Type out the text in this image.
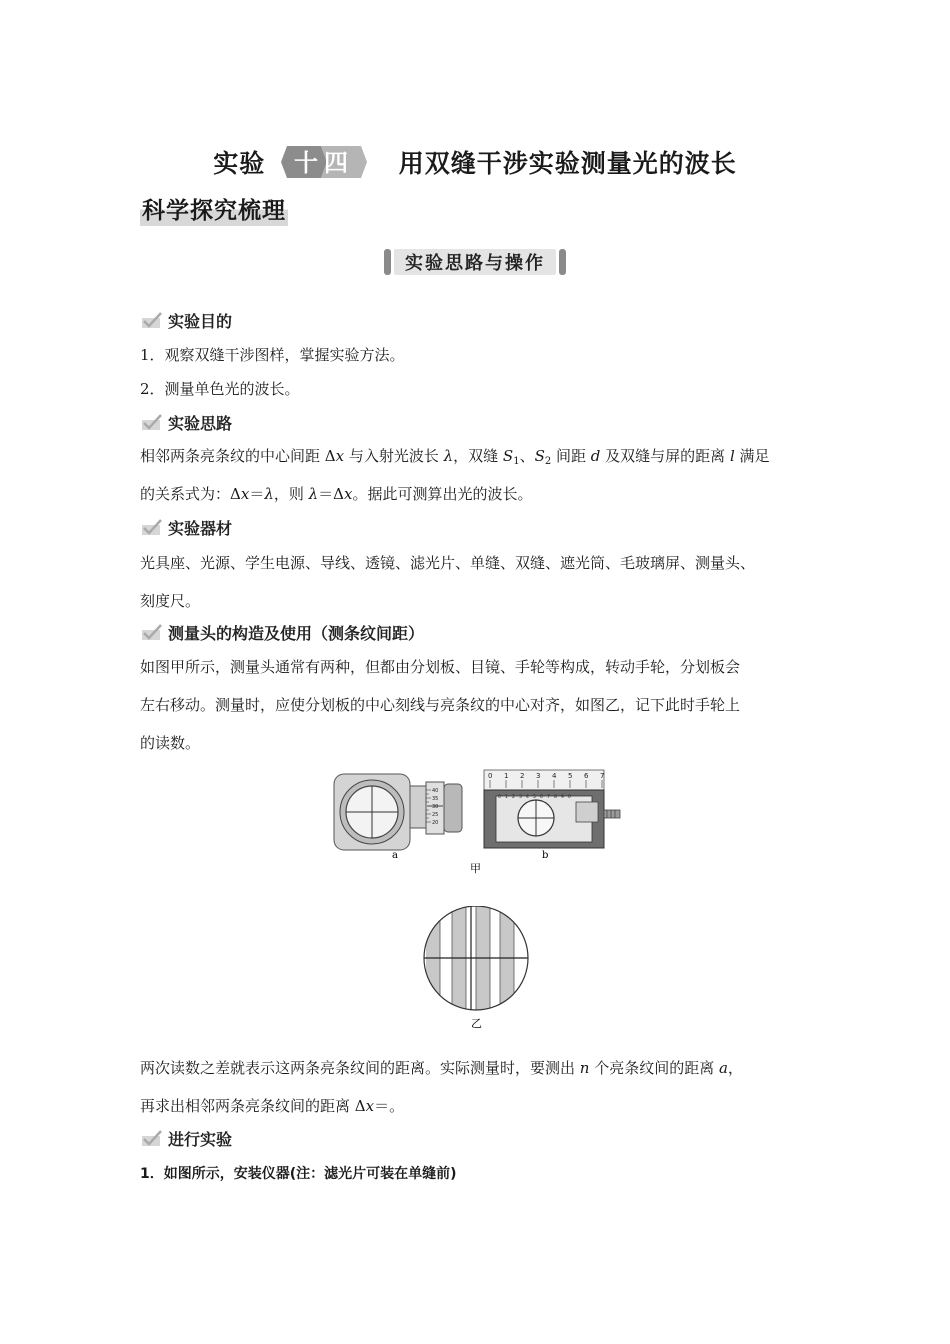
实验 十四 用双缝干涉实验测量光的波长
科学探究梳理
实验思路与操作
实验目的
1．观察双缝干涉图样，掌握实验方法。
2．测量单色光的波长。
实验思路
相邻两条亮条纹的中心间距 Δx 与入射光波长 λ，双缝 $S_1$、$S_2$ 间距 d 及双缝与屏的距离 l 满足
的关系式为：Δx＝λ，则 λ＝Δx。据此可测算出光的波长。
实验器材
光具座、光源、学生电源、导线、透镜、滤光片、单缝、双缝、遮光筒、毛玻璃屏、测量头、
刻度尺。
测量头的构造及使用（测条纹间距）
如图甲所示，测量头通常有两种，但都由分划板、目镜、手轮等构成，转动手轮，分划板会
左右移动。测量时，应使分划板的中心刻线与亮条纹的中心对齐，如图乙，记下此时手轮上
的读数。
40
35
30
25
20
a
0 1 2 3 4 5 6 7
0 1 2 3 4 5 6 7 8 9 0
b
甲
乙
两次读数之差就表示这两条亮条纹间的距离。实际测量时，要测出 n 个亮条纹间的距离 a，
再求出相邻两条亮条纹间的距离 Δx＝。
进行实验
1．如图所示，安装仪器(注：滤光片可装在单缝前)
